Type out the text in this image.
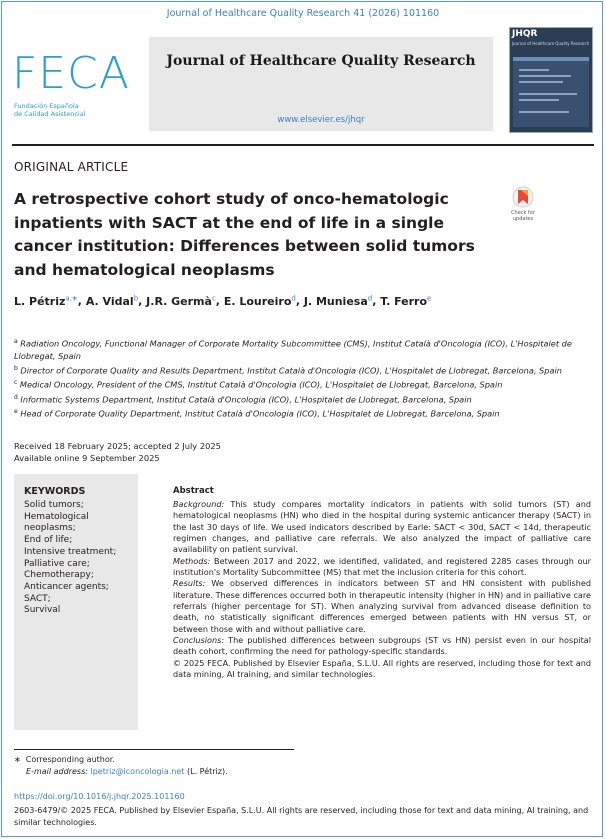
Journal of Healthcare Quality Research 41 (2026) 101160
FECA
Fundación Española
de Calidad Asistencial
Journal of Healthcare Quality Research
www.elsevier.es/jhqr
JHQR
Journal of Healthcare Quality Research
ORIGINAL ARTICLE
A retrospective cohort study of onco-hematologic inpatients with SACT at the end of life in a single cancer institution: Differences between solid tumors and hematological neoplasms
Check for updates
L. Pétriz$^{a,∗}$, A. Vidal$^b$, J.R. Germà$^c$, E. Loureiro$^d$, J. Muniesa$^d$, T. Ferro$^e$

$^a$ Radiation Oncology, Functional Manager of Corporate Mortality Subcommittee (CMS), Institut Català d'Oncologia (ICO), L'Hospitalet de Llobregat, Spain

$^b$ Director of Corporate Quality and Results Department, Institut Català d'Oncologia (ICO), L'Hospitalet de Llobregat, Barcelona, Spain

$^c$ Medical Oncology, President of the CMS, Institut Català d'Oncologia (ICO), L'Hospitalet de Llobregat, Barcelona, Spain

$^d$ Informatic Systems Department, Institut Català d'Oncologia (ICO), L'Hospitalet de Llobregat, Barcelona, Spain

$^e$ Head of Corporate Quality Department, Institut Català d'Oncologia (ICO), L'Hospitalet de Llobregat, Barcelona, Spain

Received 18 February 2025; accepted 2 July 2025
Available online 9 September 2025
KEYWORDS
Solid tumors;
Hematological
neoplasms;
End of life;
Intensive treatment;
Palliative care;
Chemotherapy;
Anticancer agents;
SACT;
Survival
Abstract

Background: This study compares mortality indicators in patients with solid tumors (ST) and hematological neoplasms (HN) who died in the hospital during systemic anticancer therapy (SACT) in the last 30 days of life. We used indicators described by Earle: SACT < 30d, SACT < 14d, therapeutic regimen changes, and palliative care referrals. We also analyzed the impact of palliative care availability on patient survival.

Methods: Between 2017 and 2022, we identified, validated, and registered 2285 cases through our institution's Mortality Subcommittee (MS) that met the inclusion criteria for this cohort.

Results: We observed differences in indicators between ST and HN consistent with published literature. These differences occurred both in therapeutic intensity (higher in HN) and in palliative care referrals (higher percentage for ST). When analyzing survival from advanced disease definition to death, no statistically significant differences emerged between patients with HN versus ST, or between those with and without palliative care.

Conclusions: The published differences between subgroups (ST vs HN) persist even in our hospital death cohort, confirming the need for pathology-specific standards.

© 2025 FECA. Published by Elsevier España, S.L.U. All rights are reserved, including those for text and data mining, AI training, and similar technologies.

∗ Corresponding author.
E-mail address: lpetriz@iconcologia.net (L. Pétriz).
https://doi.org/10.1016/j.jhqr.2025.101160
2603-6479/© 2025 FECA. Published by Elsevier España, S.L.U. All rights are reserved, including those for text and data mining, AI training, and similar technologies.
